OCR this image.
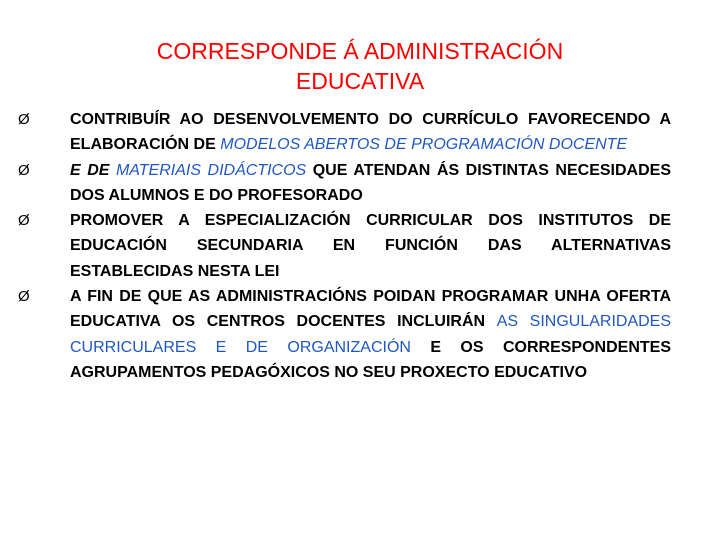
CORRESPONDE Á ADMINISTRACIÓN
EDUCATIVA
Ø	CONTRIBUÍR AO DESENVOLVEMENTO DO CURRÍCULO FAVORECENDO A ELABORACIÓN DE MODELOS ABERTOS DE PROGRAMACIÓN DOCENTE
Ø	E DE MATERIAIS DIDÁCTICOS QUE ATENDAN ÁS DISTINTAS NECESIDADES DOS ALUMNOS E DO PROFESORADO
Ø	PROMOVER A ESPECIALIZACIÓN CURRICULAR DOS INSTITUTOS DE EDUCACIÓN SECUNDARIA EN FUNCIÓN DAS ALTERNATIVAS ESTABLECIDAS NESTA LEI
Ø	A FIN DE QUE AS ADMINISTRACIÓNS POIDAN PROGRAMAR UNHA OFERTA EDUCATIVA OS CENTROS DOCENTES INCLUIRÁN AS SINGULARIDADES CURRICULARES E DE ORGANIZACIÓN E OS CORRESPONDENTES AGRUPAMENTOS PEDAGÓXICOS NO SEU PROXECTO EDUCATIVO
